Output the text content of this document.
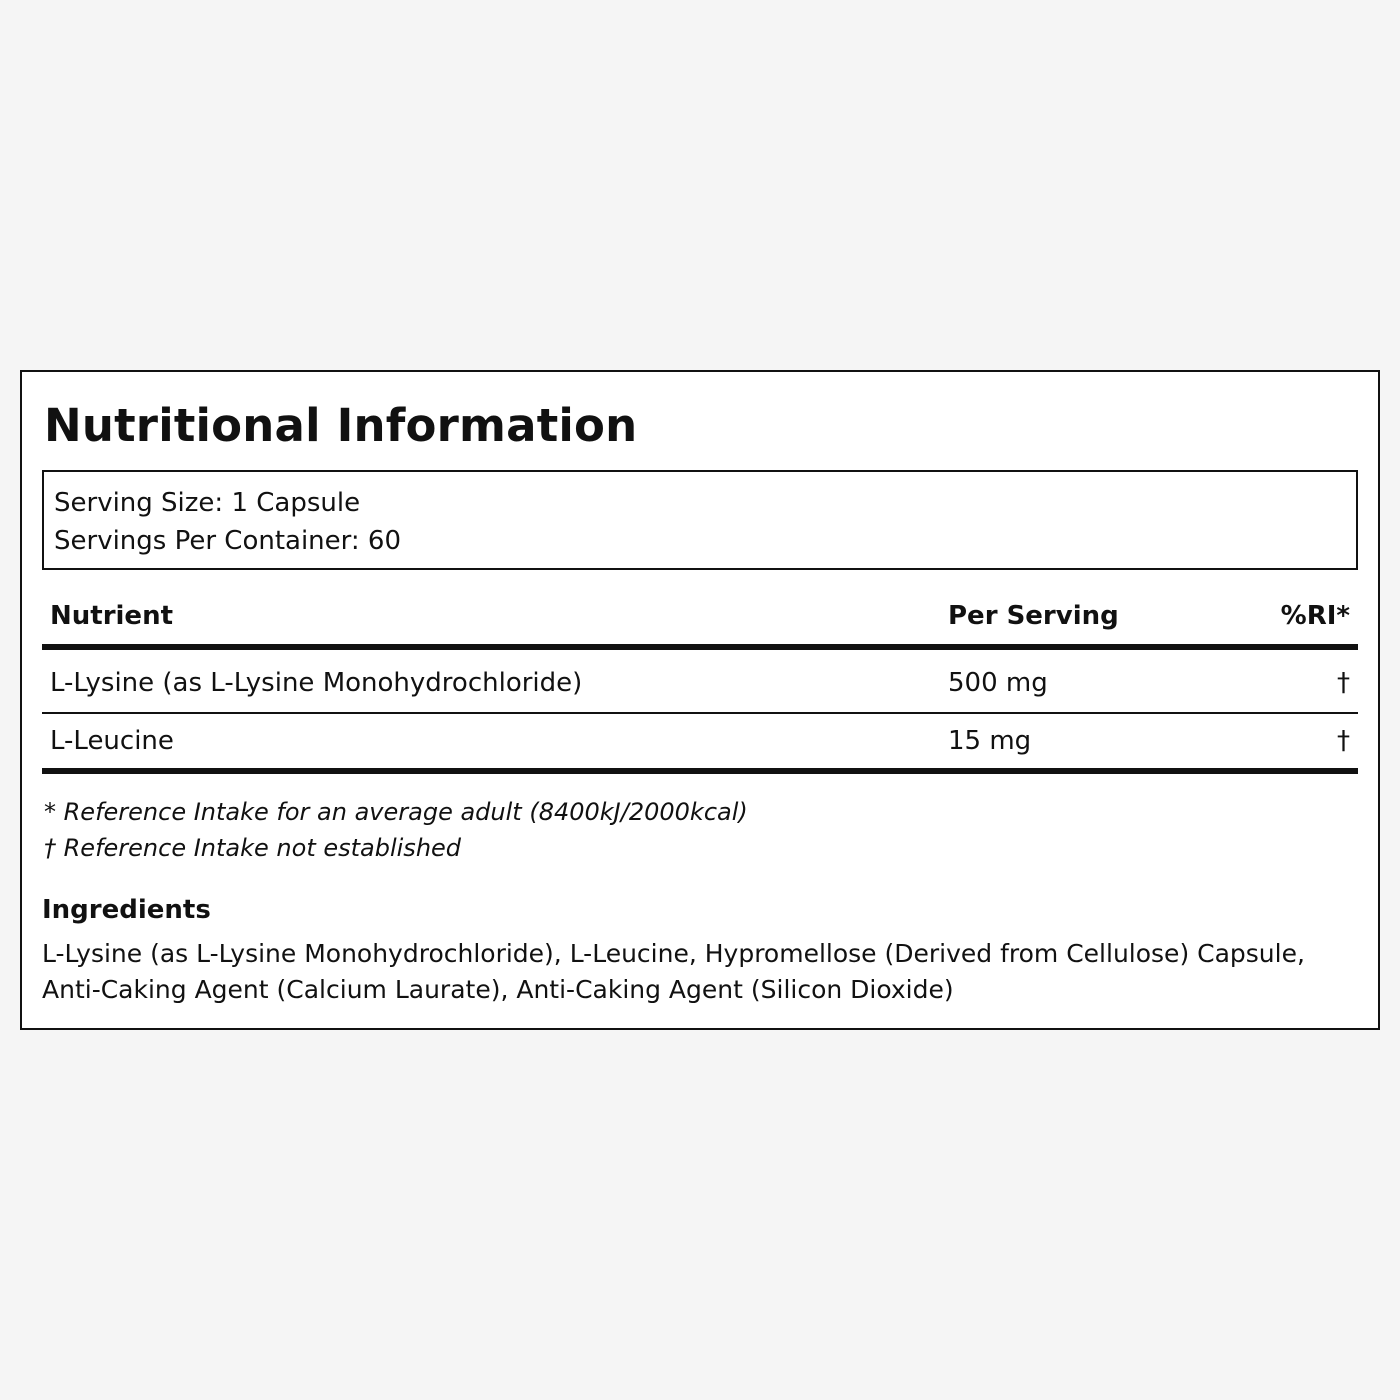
Nutritional Information
Serving Size: 1 Capsule
Servings Per Container: 60
Nutrient	Per Serving	%RI*
L-Lysine (as L-Lysine Monohydrochloride)	500 mg	†
L-Leucine	15 mg	†
* Reference Intake for an average adult (8400kJ/2000kcal)
† Reference Intake not established
Ingredients
L-Lysine (as L-Lysine Monohydrochloride), L-Leucine, Hypromellose (Derived from Cellulose) Capsule, Anti-Caking Agent (Calcium Laurate), Anti-Caking Agent (Silicon Dioxide)
